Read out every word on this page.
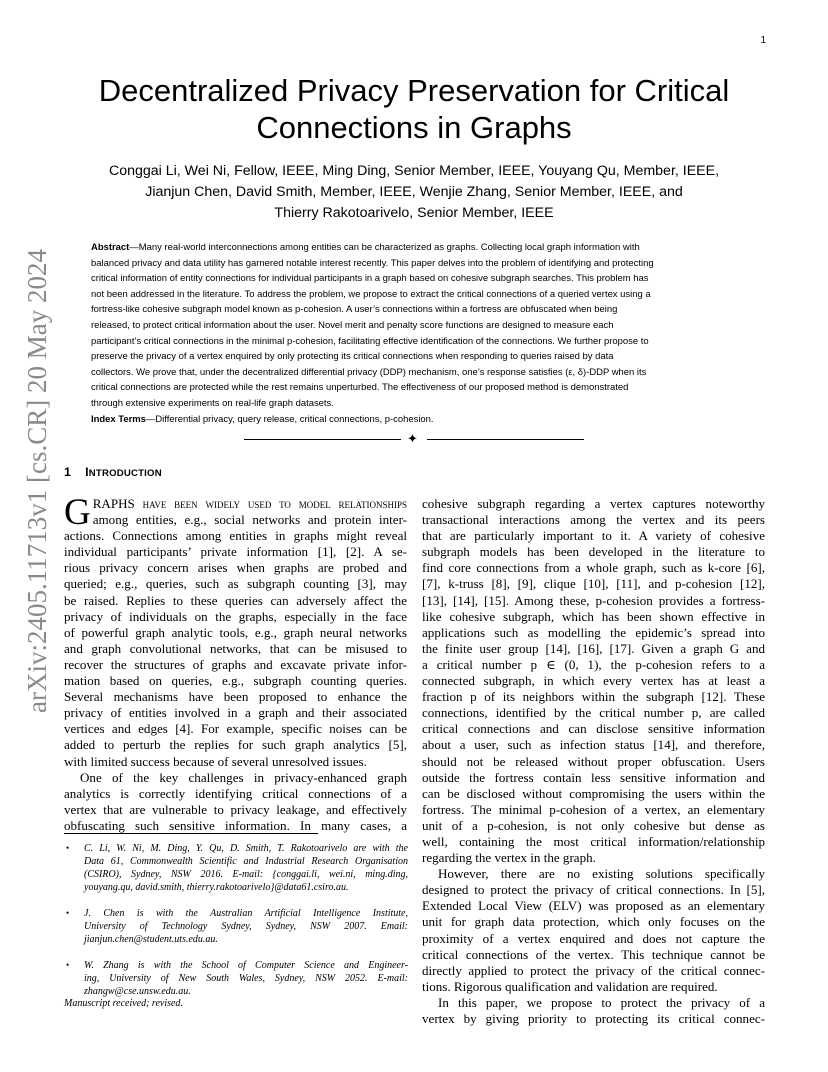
1
arXiv:2405.11713v1 [cs.CR] 20 May 2024
Decentralized Privacy Preservation for Critical
Connections in Graphs
Conggai Li, Wei Ni, Fellow, IEEE, Ming Ding, Senior Member, IEEE, Youyang Qu, Member, IEEE,
Jianjun Chen, David Smith, Member, IEEE, Wenjie Zhang, Senior Member, IEEE, and
Thierry Rakotoarivelo, Senior Member, IEEE
Abstract—Many real-world interconnections among entities can be characterized as graphs. Collecting local graph information with
balanced privacy and data utility has garnered notable interest recently. This paper delves into the problem of identifying and protecting
critical information of entity connections for individual participants in a graph based on cohesive subgraph searches. This problem has
not been addressed in the literature. To address the problem, we propose to extract the critical connections of a queried vertex using a
fortress-like cohesive subgraph model known as p-cohesion. A user’s connections within a fortress are obfuscated when being
released, to protect critical information about the user. Novel merit and penalty score functions are designed to measure each
participant’s critical connections in the minimal p-cohesion, facilitating effective identification of the connections. We further propose to
preserve the privacy of a vertex enquired by only protecting its critical connections when responding to queries raised by data
collectors. We prove that, under the decentralized differential privacy (DDP) mechanism, one’s response satisfies (ε, δ)-DDP when its
critical connections are protected while the rest remains unperturbed. The effectiveness of our proposed method is demonstrated
through extensive experiments on real-life graph datasets.
Index Terms—Differential privacy, query release, critical connections, p-cohesion.
✦
1 INTRODUCTION

G RAPHS have been widely used to model relationships
among entities, e.g., social networks and protein inter-
actions. Connections among entities in graphs might reveal
individual participants’ private information [1], [2]. A se-
rious privacy concern arises when graphs are probed and
queried; e.g., queries, such as subgraph counting [3], may
be raised. Replies to these queries can adversely affect the
privacy of individuals on the graphs, especially in the face
of powerful graph analytic tools, e.g., graph neural networks
and graph convolutional networks, that can be misused to
recover the structures of graphs and excavate private infor-
mation based on queries, e.g., subgraph counting queries.
Several mechanisms have been proposed to enhance the
privacy of entities involved in a graph and their associated
vertices and edges [4]. For example, specific noises can be
added to perturb the replies for such graph analytics [5],
with limited success because of several unresolved issues.

One of the key challenges in privacy-enhanced graph
analytics is correctly identifying critical connections of a
vertex that are vulnerable to privacy leakage, and effectively
obfuscating such sensitive information. In many cases, a

• C. Li, W. Ni, M. Ding, Y. Qu, D. Smith, T. Rakotoarivelo are with the
Data 61, Commonwealth Scientific and Industrial Research Organisation
(CSIRO), Sydney, NSW 2016. E-mail: {conggai.li, wei.ni, ming.ding,
youyang.qu, david.smith, thierry.rakotoarivelo}@data61.csiro.au.
• J. Chen is with the Australian Artificial Intelligence Institute,
University of Technology Sydney, Sydney, NSW 2007. Email:
jianjun.chen@student.uts.edu.au.
• W. Zhang is with the School of Computer Science and Engineer-
ing, University of New South Wales, Sydney, NSW 2052. E-mail:
zhangw@cse.unsw.edu.au.
Manuscript received; revised.

cohesive subgraph regarding a vertex captures noteworthy
transactional interactions among the vertex and its peers
that are particularly important to it. A variety of cohesive
subgraph models has been developed in the literature to
find core connections from a whole graph, such as k-core [6],
[7], k-truss [8], [9], clique [10], [11], and p-cohesion [12],
[13], [14], [15]. Among these, p-cohesion provides a fortress-
like cohesive subgraph, which has been shown effective in
applications such as modelling the epidemic’s spread into
the finite user group [14], [16], [17]. Given a graph G and
a critical number p ∈ (0, 1), the p-cohesion refers to a
connected subgraph, in which every vertex has at least a
fraction p of its neighbors within the subgraph [12]. These
connections, identified by the critical number p, are called
critical connections and can disclose sensitive information
about a user, such as infection status [14], and therefore,
should not be released without proper obfuscation. Users
outside the fortress contain less sensitive information and
can be disclosed without compromising the users within the
fortress. The minimal p-cohesion of a vertex, an elementary
unit of a p-cohesion, is not only cohesive but dense as
well, containing the most critical information/relationship
regarding the vertex in the graph.

However, there are no existing solutions specifically
designed to protect the privacy of critical connections. In [5],
Extended Local View (ELV) was proposed as an elementary
unit for graph data protection, which only focuses on the
proximity of a vertex enquired and does not capture the
critical connections of the vertex. This technique cannot be
directly applied to protect the privacy of the critical connec-
tions. Rigorous qualification and validation are required.

In this paper, we propose to protect the privacy of a
vertex by giving priority to protecting its critical connec-
